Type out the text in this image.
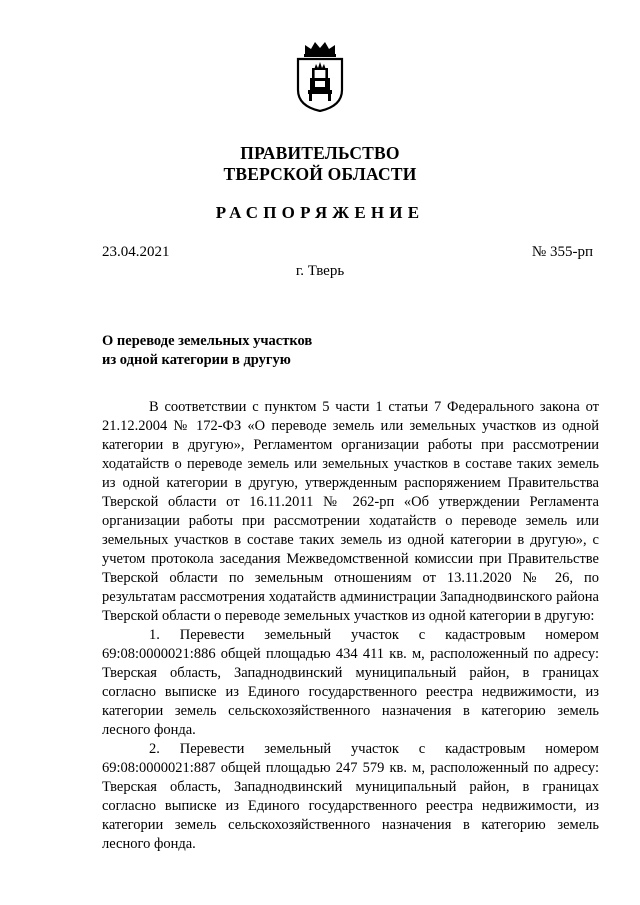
ПРАВИТЕЛЬСТВО
ТВЕРСКОЙ ОБЛАСТИ
РАСПОРЯЖЕНИЕ
23.04.2021	№ 355-рп
г. Тверь
О переводе земельных участков
из одной категории в другую

В соответствии с пунктом 5 части 1 статьи 7 Федерального закона от 21.12.2004 № 172-ФЗ «О переводе земель или земельных участков из одной категории в другую», Регламентом организации работы при рассмотрении ходатайств о переводе земель или земельных участков в составе таких земель из одной категории в другую, утвержденным распоряжением Правительства Тверской области от 16.11.2011 № 262-рп «Об утверждении Регламента организации работы при рассмотрении ходатайств о переводе земель или земельных участков в составе таких земель из одной категории в другую», с учетом протокола заседания Межведомственной комиссии при Правительстве Тверской области по земельным отношениям от 13.11.2020 № 26, по результатам рассмотрения ходатайств администрации Западнодвинского района Тверской области о переводе земельных участков из одной категории в другую:

1. Перевести земельный участок с кадастровым номером 69:08:0000021:886 общей площадью 434 411 кв. м, расположенный по адресу: Тверская область, Западнодвинский муниципальный район, в границах согласно выписке из Единого государственного реестра недвижимости, из категории земель сельскохозяйственного назначения в категорию земель лесного фонда.

2. Перевести земельный участок с кадастровым номером 69:08:0000021:887 общей площадью 247 579 кв. м, расположенный по адресу: Тверская область, Западнодвинский муниципальный район, в границах согласно выписке из Единого государственного реестра недвижимости, из категории земель сельскохозяйственного назначения в категорию земель лесного фонда.
